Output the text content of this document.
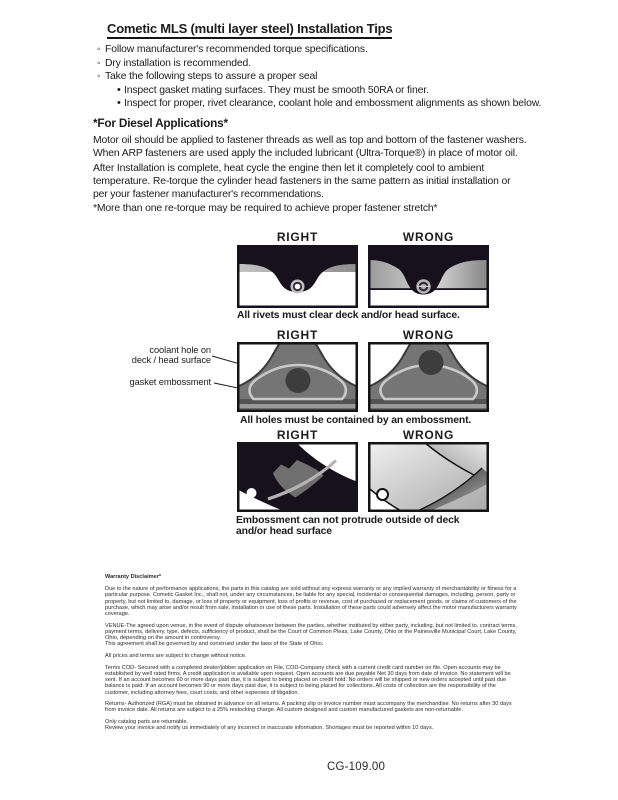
Cometic MLS (multi layer steel) Installation Tips
◦ Follow manufacturer's recommended torque specifications.
◦ Dry installation is recommended.
◦ Take the following steps to assure a proper seal
• Inspect gasket mating surfaces. They must be smooth 50RA or finer.
• Inspect for proper, rivet clearance, coolant hole and embossment alignments as shown below.
*For Diesel Applications*
Motor oil should be applied to fastener threads as well as top and bottom of the fastener washers. When ARP fasteners are used apply the included lubricant (Ultra-Torque®) in place of motor oil.
After Installation is complete, heat cycle the engine then let it completely cool to ambient temperature. Re-torque the cylinder head fasteners in the same pattern as initial installation or per your fastener manufacturer's recommendations.
*More than one re-torque may be required to achieve proper fastener stretch*
RIGHT	WRONG
All rivets must clear deck and/or head surface.
RIGHT	WRONG
coolant hole on
deck / head surface
gasket embossment
All holes must be contained by an embossment.
RIGHT	WRONG
Embossment can not protrude outside of deck
and/or head surface

Warranty Disclaimer*

Due to the nature of performance applications, the parts in this catalog are sold without any express warranty or any implied warranty of merchantability or fitness for a particular purpose. Cometic Gasket Inc., shall not, under any circumstances, be liable for any special, incidental or consequential damages, including, person, party or property, but not limited to, damage, or loss of property or equipment, loss of profits or revenue, cost of purchased or replacement goods, or claims of customers of the purchase, which may arise and/or result from sale, installation or use of these parts. Installation of these parts could adversely affect the motor manufacturers warranty coverage.

VENUE-The agreed upon venue, in the event of dispute whatsoever between the parties, whether instituted by either party, including, but not limited to, contract terms, payment terms, delivery, type, defects, sufficiency of product, shall be the Court of Common Pleas, Lake County, Ohio or the Painesville Municipal Court, Lake County, Ohio, depending on the amount in controversy.

This agreement shall be governed by and construed under the laws of the State of Ohio.

All prices and terms are subject to change without notice.

Terms COD- Secured with a completed dealer/jobber application on File, COD-Company check with a current credit card number on file. Open accounts may be established by well rated firms. A credit application is available upon request. Open accounts are due payable Net 30 days from date of invoice. No statement will be sent. If an account becomes 60 or more days past due, it is subject to being placed on credit hold. No orders will be shipped or new orders accepted until past due balance is paid. If an account becomes 90 or more days past due, it is subject to being placed for collections. All costs of collection are the responsibility of the customer, including attorney fees, court costs, and other expenses of litigation.

Returns- Authorized (RGA) must be obtained in advance on all returns. A packing slip or invoice number must accompany the merchandise. No returns after 30 days from invoice date. All returns are subject to a 25% restocking charge. All custom designed and custom manufactured gaskets are non-returnable.

Only catalog parts are returnable.

Review your invoice and notify us immediately of any incorrect or inaccurate information. Shortages must be reported within 10 days.

CG-109.00
